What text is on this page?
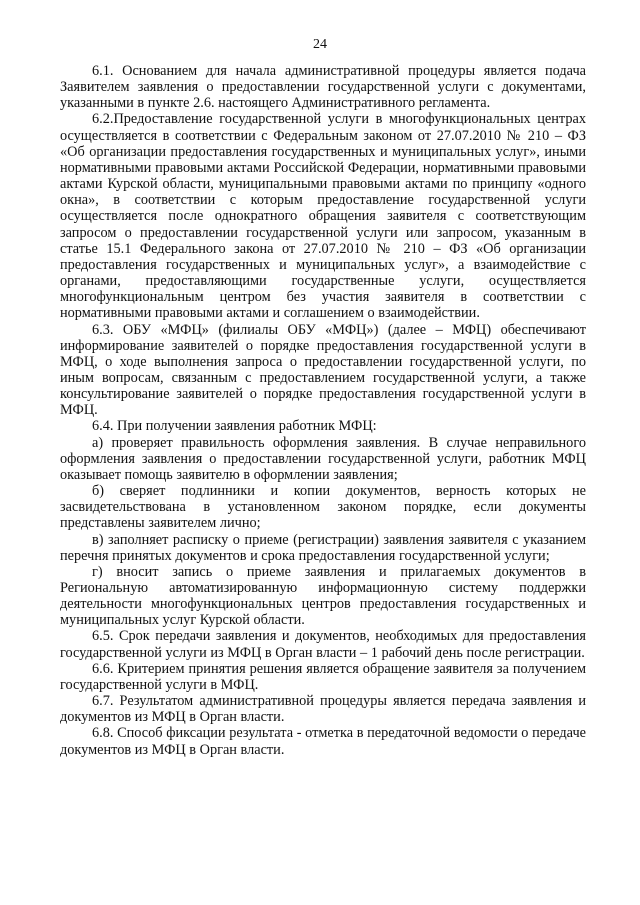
24

6.1. Основанием для начала административной процедуры является подача Заявителем заявления о предоставлении государственной услуги с документами, указанными в пункте 2.6. настоящего Административного регламента.

6.2.Предоставление государственной услуги в многофункциональных центрах осуществляется в соответствии с Федеральным законом от 27.07.2010 № 210 – ФЗ «Об организации предоставления государственных и муниципальных услуг», иными нормативными правовыми актами Российской Федерации, нормативными правовыми актами Курской области, муниципальными правовыми актами по принципу «одного окна», в соответствии с которым предоставление государственной услуги осуществляется после однократного обращения заявителя с соответствующим запросом о предоставлении государственной услуги или запросом, указанным в статье 15.1 Федерального закона от 27.07.2010 № 210 – ФЗ «Об организации предоставления государственных и муниципальных услуг», а взаимодействие с органами, предоставляющими государственные услуги, осуществляется многофункциональным центром без участия заявителя в соответствии с нормативными правовыми актами и соглашением о взаимодействии.

6.3. ОБУ «МФЦ» (филиалы ОБУ «МФЦ») (далее – МФЦ) обеспечивают информирование заявителей о порядке предоставления государственной услуги в МФЦ, о ходе выполнения запроса о предоставлении государственной услуги, по иным вопросам, связанным с предоставлением государственной услуги, а также консультирование заявителей о порядке предоставления государственной услуги в МФЦ.

6.4. При получении заявления работник МФЦ:

а) проверяет правильность оформления заявления. В случае неправильного оформления заявления о предоставлении государственной услуги, работник МФЦ оказывает помощь заявителю в оформлении заявления;

б) сверяет подлинники и копии документов, верность которых не засвидетельствована в установленном законом порядке, если документы представлены заявителем лично;

в) заполняет расписку о приеме (регистрации) заявления заявителя с указанием перечня принятых документов и срока предоставления государственной услуги;

г) вносит запись о приеме заявления и прилагаемых документов в Региональную автоматизированную информационную систему поддержки деятельности многофункциональных центров предоставления государственных и муниципальных услуг Курской области.

6.5. Срок передачи заявления и документов, необходимых для предоставления государственной услуги из МФЦ в Орган власти – 1 рабочий день после регистрации.

6.6. Критерием принятия решения является обращение заявителя за получением государственной услуги в МФЦ.

6.7. Результатом административной процедуры является передача заявления и документов из МФЦ в Орган власти.

6.8. Способ фиксации результата - отметка в передаточной ведомости о передаче документов из МФЦ в Орган власти.
